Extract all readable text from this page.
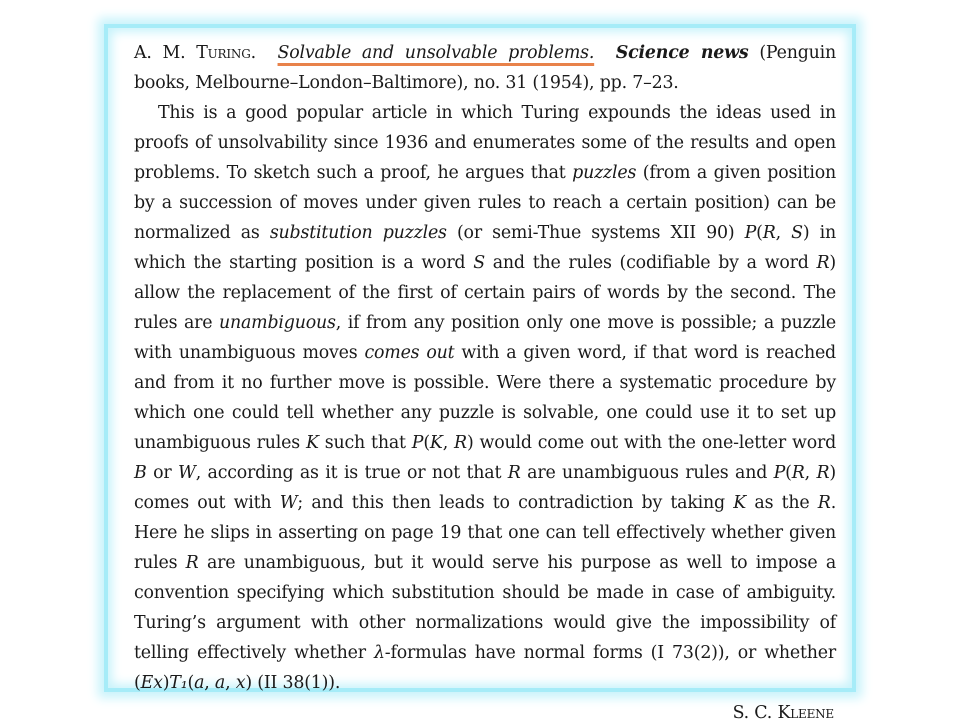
A. M. Turing. Solvable and unsolvable problems. Science news (Penguin books, Melbourne–London–Baltimore), no. 31 (1954), pp. 7–23.

This is a good popular article in which Turing expounds the ideas used in proofs of unsolvability since 1936 and enumerates some of the results and open problems. To sketch such a proof, he argues that puzzles (from a given position by a succession of moves under given rules to reach a certain position) can be normalized as substitution puzzles (or semi-Thue systems XII 90) P(R, S) in which the starting position is a word S and the rules (codifiable by a word R) allow the replacement of the first of certain pairs of words by the second. The rules are unambiguous, if from any position only one move is possible; a puzzle with unambiguous moves comes out with a given word, if that word is reached and from it no further move is possible. Were there a systematic procedure by which one could tell whether any puzzle is solvable, one could use it to set up unambiguous rules K such that P(K, R) would come out with the one-letter word B or W, according as it is true or not that R are unambiguous rules and P(R, R) comes out with W; and this then leads to contradiction by taking K as the R. Here he slips in asserting on page 19 that one can tell effectively whether given rules R are unambiguous, but it would serve his purpose as well to impose a convention specifying which substitution should be made in case of ambiguity. Turing’s argument with other normalizations would give the impossibility of telling effectively whether λ-formulas have normal forms (I 73(2)), or whether (Ex)T₁(a, a, x) (II 38(1)).

S. C. Kleene
